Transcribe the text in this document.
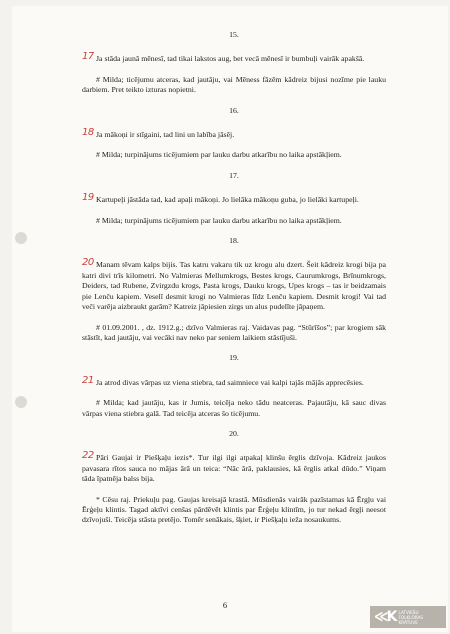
15.
17 Ja stāda jaunā mēnesī, tad tikai lakstos aug, bet vecā mēnesī ir bumbuļi vairāk apakšā.
# Milda; ticējumu atceras, kad jautāju, vai Mēness fāzēm kādreiz bijusi nozīme pie lauku darbiem. Pret teikto izturas nopietni.
16.
18 Ja mākoņi ir stīgaini, tad lini un labība jāsēj.
# Milda; turpinājums ticējumiem par lauku darbu atkarību no laika apstākļiem.
17.
19 Kartupeļi jāstāda tad, kad apaļi mākoņi. Jo lielāka mākoņu guba, jo lielāki kartupeļi.
# Milda; turpinājums ticējumiem par lauku darbu atkarību no laika apstākļiem.
18.
20 Manam tēvam kalps bijis. Tas katru vakaru tik uz krogu alu dzert. Šeit kādreiz krogi bija pa katri divi trīs kilometri. No Valmieras Mellumkrogs, Bestes krogs, Caurumkrogs, Brīnumkrogs, Deiders, tad Rubene, Zvirgzdu krogs, Pasta krogs, Dauku krogs, Upes krogs – tas ir beidzamais pie Lenču kapiem. Veselī desmit krogi no Valmieras līdz Lenču kapiem. Desmit krogi! Vai tad veči varēja aizbraukt garām? Katreiz jāpiesien zirgs un alus pudelīte jāpaņem.
# 01.09.2001. , dz. 1912.g.; dzīvo Valmieras raj. Vaidavas pag. “Stūrīšos”; par krogiem sāk stāstīt, kad jautāju, vai vecāki nav neko par seniem laikiem stāstījuši.
19.
21 Ja atrod divas vārpas uz viena stiebra, tad saimniece vai kalpi tajās mājās apprecēsies.
# Milda; kad jautāju, kas ir Jumis, teicēja neko tādu neatceras. Pajautāju, kā sauc divas vārpas viena stiebra galā. Tad teicēja atceras šo ticējumu.
20.
22 Pāri Gaujai ir Piešķaļu iezis*. Tur ilgi ilgi atpakaļ klinšu ērglis dzīvoja. Kādreiz jaukos pavasara rītos sauca no mājas ārā un teica: “Nāc ārā, paklausies, kā ērglis atkal dūdo.” Viņam tāda īpatnēja balss bija.
* Cēsu raj. Priekuļu pag. Gaujas kreisajā krastā. Mūsdienās vairāk pazīstamas kā Ērgļu vai Ērģeļu klintis. Tagad aktīvi cenšas pārdēvēt klintis par Ērģeļu klintīm, jo tur nekad ērgļi neesot dzīvojuši. Teicēja stāsta pretējo. Tomēr senākais, šķiet, ir Piešķaļu ieža nosaukums.
6
≪K LATVIEŠU
FOLKLORAS
KRĀTUVE
